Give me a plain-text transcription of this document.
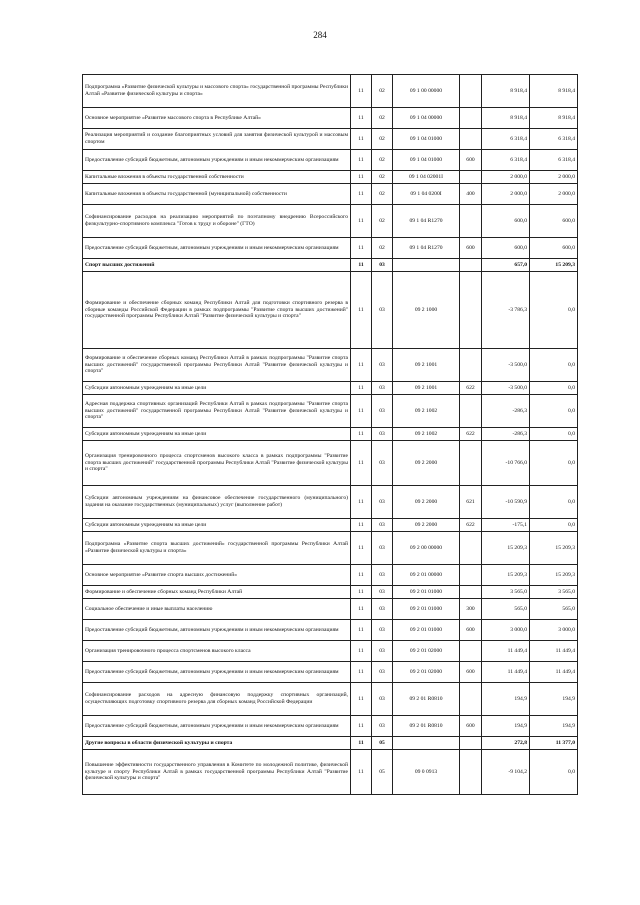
284
Подпрограмма «Развитие физической культуры и массового спорта» государственной программы Республики Алтай «Развитие физической культуры и спорта»	11	02	09 1 00 00000		8 918,4	8 918,4
Основное мероприятие «Развитие массового спорта в Республике Алтай»	11	02	09 1 04 00000		8 918,4	8 918,4
Реализация мероприятий и создание благоприятных условий для занятия физической культурой и массовым спортом	11	02	09 1 04 01000		6 318,4	6 318,4
Предоставление субсидий бюджетным, автономным учреждениям и иным некоммерческим организациям	11	02	09 1 04 01000	600	6 318,4	6 318,4
Капитальные вложения в объекты государственной собственности	11	02	09 1 04 02001I		2 000,0	2 000,0
Капитальные вложения в объекты государственной (муниципальной) собственности	11	02	09 1 04 0200I	400	2 000,0	2 000,0
Софинансирование расходов на реализацию мероприятий по поэтапному внедрению Всероссийского физкультурно-спортивного комплекса "Готов к труду и обороне" (ГТО)	11	02	09 1 04 R1270		600,0	600,0
Предоставление субсидий бюджетным, автономным учреждениям и иным некоммерческим организациям	11	02	09 1 04 R1270	600	600,0	600,0
Спорт высших достижений	11	03			657,0	15 209,3
Формирование и обеспечение сборных команд Республики Алтай для подготовки спортивного резерва в сборные команды Российской Федерации в рамках подпрограммы "Развитие спорта высших достижений" государственной программы Республики Алтай "Развитие физической культуры и спорта"	11	03	09 2 1000		-3 786,3	0,0
Формирование и обеспечение сборных команд Республики Алтай в рамках подпрограммы "Развитие спорта высших достижений" государственной программы Республики Алтай "Развитие физической культуры и спорта"	11	03	09 2 1001		-3 500,0	0,0
Субсидии автономным учреждениям на иные цели	11	03	09 2 1001	622	-3 500,0	0,0
Адресная поддержка спортивных организаций Республики Алтай в рамках подпрограммы "Развитие спорта высших достижений" государственной программы Республики Алтай "Развитие физической культуры и спорта"	11	03	09 2 1002		-286,3	0,0
Субсидии автономным учреждениям на иные цели	11	03	09 2 1002	622	-286,3	0,0
Организация тренировочного процесса спортсменов высокого класса в рамках подпрограммы "Развитие спорта высших достижений" государственной программы Республики Алтай "Развитие физической культуры и спорта"	11	03	09 2 2000		-10 766,0	0,0
Субсидии автономным учреждениям на финансовое обеспечение государственного (муниципального) задания на оказание государственных (муниципальных) услуг (выполнение работ)	11	03	09 2 2000	621	-10 590,9	0,0
Субсидии автономным учреждениям на иные цели	11	03	09 2 2000	622	-175,1	0,0
Подпрограмма «Развитие спорта высших достижений» государственной программы Республики Алтай «Развитие физической культуры и спорта»	11	03	09 2 00 00000		15 209,3	15 209,3
Основное мероприятие «Развитие спорта высших достижений»	11	03	09 2 01 00000		15 209,3	15 209,3
Формирование и обеспечение сборных команд Республики Алтай	11	03	09 2 01 01000		3 565,0	3 565,0
Социальное обеспечение и иные выплаты населению	11	03	09 2 01 01000	300	565,0	565,0
Предоставление субсидий бюджетным, автономным учреждениям и иным некоммерческим организациям	11	03	09 2 01 01000	600	3 000,0	3 000,0
Организация тренировочного процесса спортсменов высокого класса	11	03	09 2 01 02000		11 449,4	11 449,4
Предоставление субсидий бюджетным, автономным учреждениям и иным некоммерческим организациям	11	03	09 2 01 02000	600	11 449,4	11 449,4
Софинансирование расходов на адресную финансовую поддержку спортивных организаций, осуществляющих подготовку спортивного резерва для сборных команд Российской Федерации	11	03	09 2 01 R0810		194,9	194,9
Предоставление субсидий бюджетным, автономным учреждениям и иным некоммерческим организациям	11	03	09 2 01 R0810	600	194,9	194,9
Другие вопросы в области физической культуры и спорта	11	05			272,8	11 377,0
Повышение эффективности государственного управления в Комитете по молодежной политике, физической культуре и спорту Республики Алтай в рамках государственной программы Республики Алтай "Развитие физической культуры и спорта"	11	05	09 0 0913		-9 104,2	0,0
